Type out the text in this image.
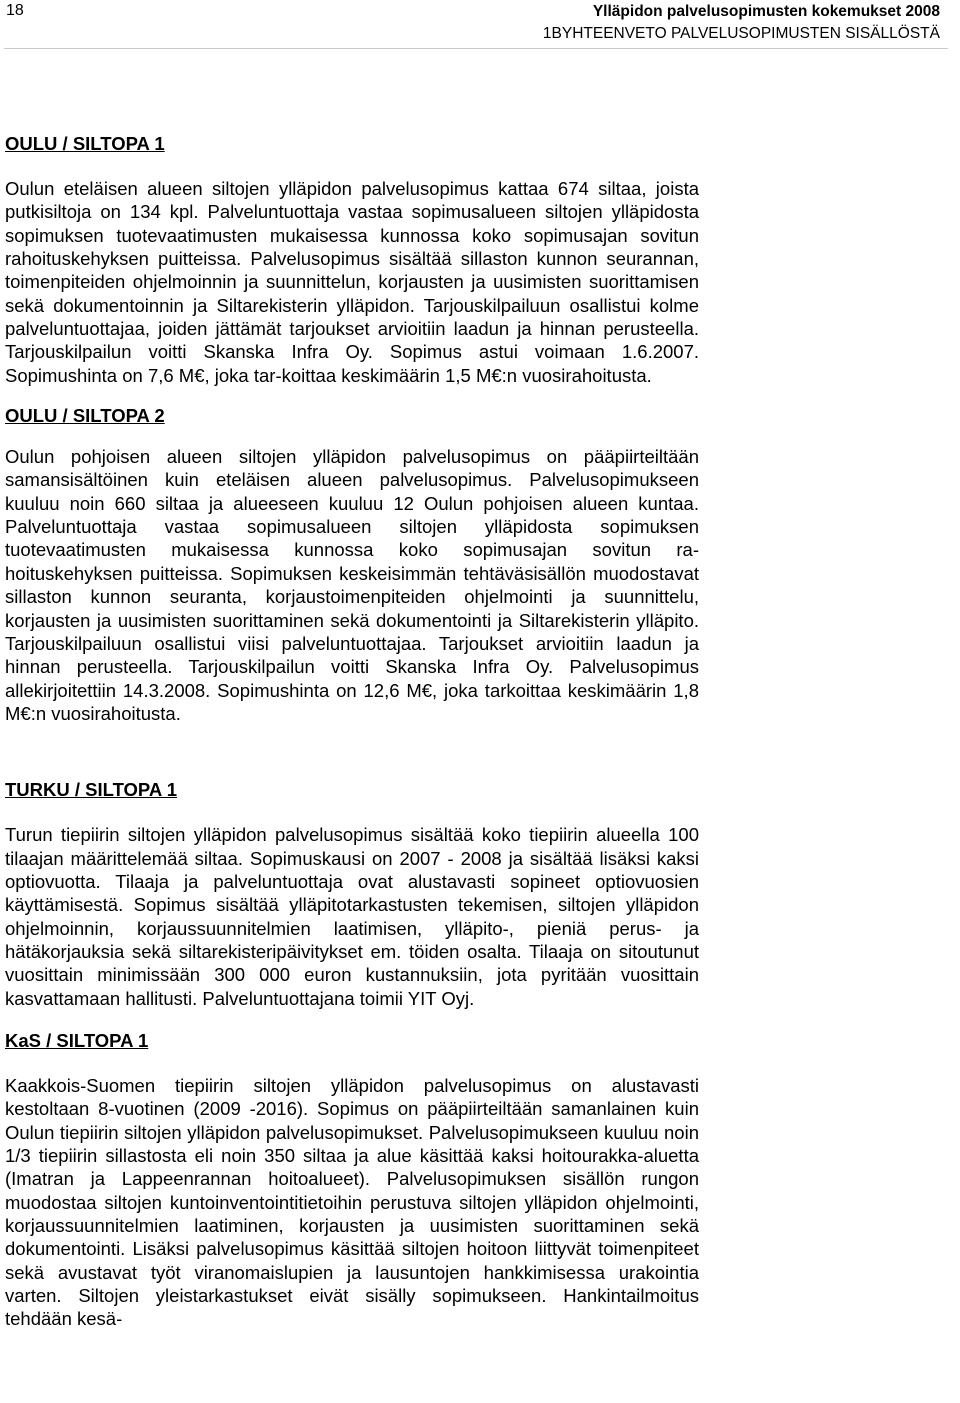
18	Ylläpidon palvelusopimusten kokemukset 2008
1BYHTEENVETO PALVELUSOPIMUSTEN SISÄLLÖSTÄ
OULU / SILTOPA 1

Oulun eteläisen alueen siltojen ylläpidon palvelusopimus kattaa 674 siltaa, joista putkisiltoja on 134 kpl. Palveluntuottaja vastaa sopimusalueen siltojen ylläpidosta sopimuksen tuotevaatimusten mukaisessa kunnossa koko sopimusajan sovitun rahoituskehyksen puitteissa. Palvelusopimus sisältää sillaston kunnon seurannan, toimenpiteiden ohjelmoinnin ja suunnittelun, korjausten ja uusimisten suorittamisen sekä dokumentoinnin ja Siltarekisterin ylläpidon. Tarjouskilpailuun osallistui kolme palveluntuottajaa, joiden jättämät tarjoukset arvioitiin laadun ja hinnan perusteella. Tarjouskilpailun voitti Skanska Infra Oy. Sopimus astui voimaan 1.6.2007. Sopimushinta on 7,6 M€, joka tar-koittaa keskimäärin 1,5 M€:n vuosirahoitusta.

OULU / SILTOPA 2

Oulun pohjoisen alueen siltojen ylläpidon palvelusopimus on pääpiirteiltään samansisältöinen kuin eteläisen alueen palvelusopimus. Palvelusopimukseen kuuluu noin 660 siltaa ja alueeseen kuuluu 12 Oulun pohjoisen alueen kuntaa. Palveluntuottaja vastaa sopimusalueen siltojen ylläpidosta sopimuksen tuotevaatimusten mukaisessa kunnossa koko sopimusajan sovitun rahoituskehyksen puitteissa. Sopimuksen keskeisimmän tehtäväsisällön muodostavat sillaston kunnon seuranta, korjaustoimenpiteiden ohjelmointi ja suunnittelu, korjausten ja uusimisten suorittaminen sekä dokumentointi ja Siltarekisterin ylläpito. Tarjouskilpailuun osallistui viisi palveluntuottajaa. Tarjoukset arvioitiin laadun ja hinnan perusteella. Tarjouskilpailun voitti Skanska Infra Oy. Palvelusopimus allekirjoitettiin 14.3.2008. Sopimushinta on 12,6 M€, joka tarkoittaa keskimäärin 1,8 M€:n vuosirahoitusta.

TURKU / SILTOPA 1

Turun tiepiirin siltojen ylläpidon palvelusopimus sisältää koko tiepiirin alueella 100 tilaajan määrittelemää siltaa. Sopimuskausi on 2007 - 2008 ja sisältää lisäksi kaksi optiovuotta. Tilaaja ja palveluntuottaja ovat alustavasti sopineet optiovuosien käyttämisestä. Sopimus sisältää ylläpitotarkastusten tekemisen, siltojen ylläpidon ohjelmoinnin, korjaussuunnitelmien laatimisen, ylläpito-, pieniä perus- ja hätäkorjauksia sekä siltarekisteripäivitykset em. töiden osalta. Tilaaja on sitoutunut vuosittain minimissään 300 000 euron kustannuksiin, jota pyritään vuosittain kasvattamaan hallitusti. Palveluntuottajana toimii YIT Oyj.

KaS / SILTOPA 1

Kaakkois-Suomen tiepiirin siltojen ylläpidon palvelusopimus on alustavasti kestoltaan 8-vuotinen (2009 -2016). Sopimus on pääpiirteiltään samanlainen kuin Oulun tiepiirin siltojen ylläpidon palvelusopimukset. Palvelusopimukseen kuuluu noin 1/3 tiepiirin sillastosta eli noin 350 siltaa ja alue käsittää kaksi hoitourakka-aluetta (Imatran ja Lappeenrannan hoitoalueet). Palvelusopimuksen sisällön rungon muodostaa siltojen kuntoinventointitietoihin perustuva siltojen ylläpidon ohjelmointi, korjaussuunnitelmien laatiminen, korjausten ja uusimisten suorittaminen sekä dokumentointi. Lisäksi palvelusopimus käsittää siltojen hoitoon liittyvät toimenpiteet sekä avustavat työt viranomaislupien ja lausuntojen hankkimisessa urakointia varten. Siltojen yleistarkastukset eivät sisälly sopimukseen. Hankintailmoitus tehdään kesä-
